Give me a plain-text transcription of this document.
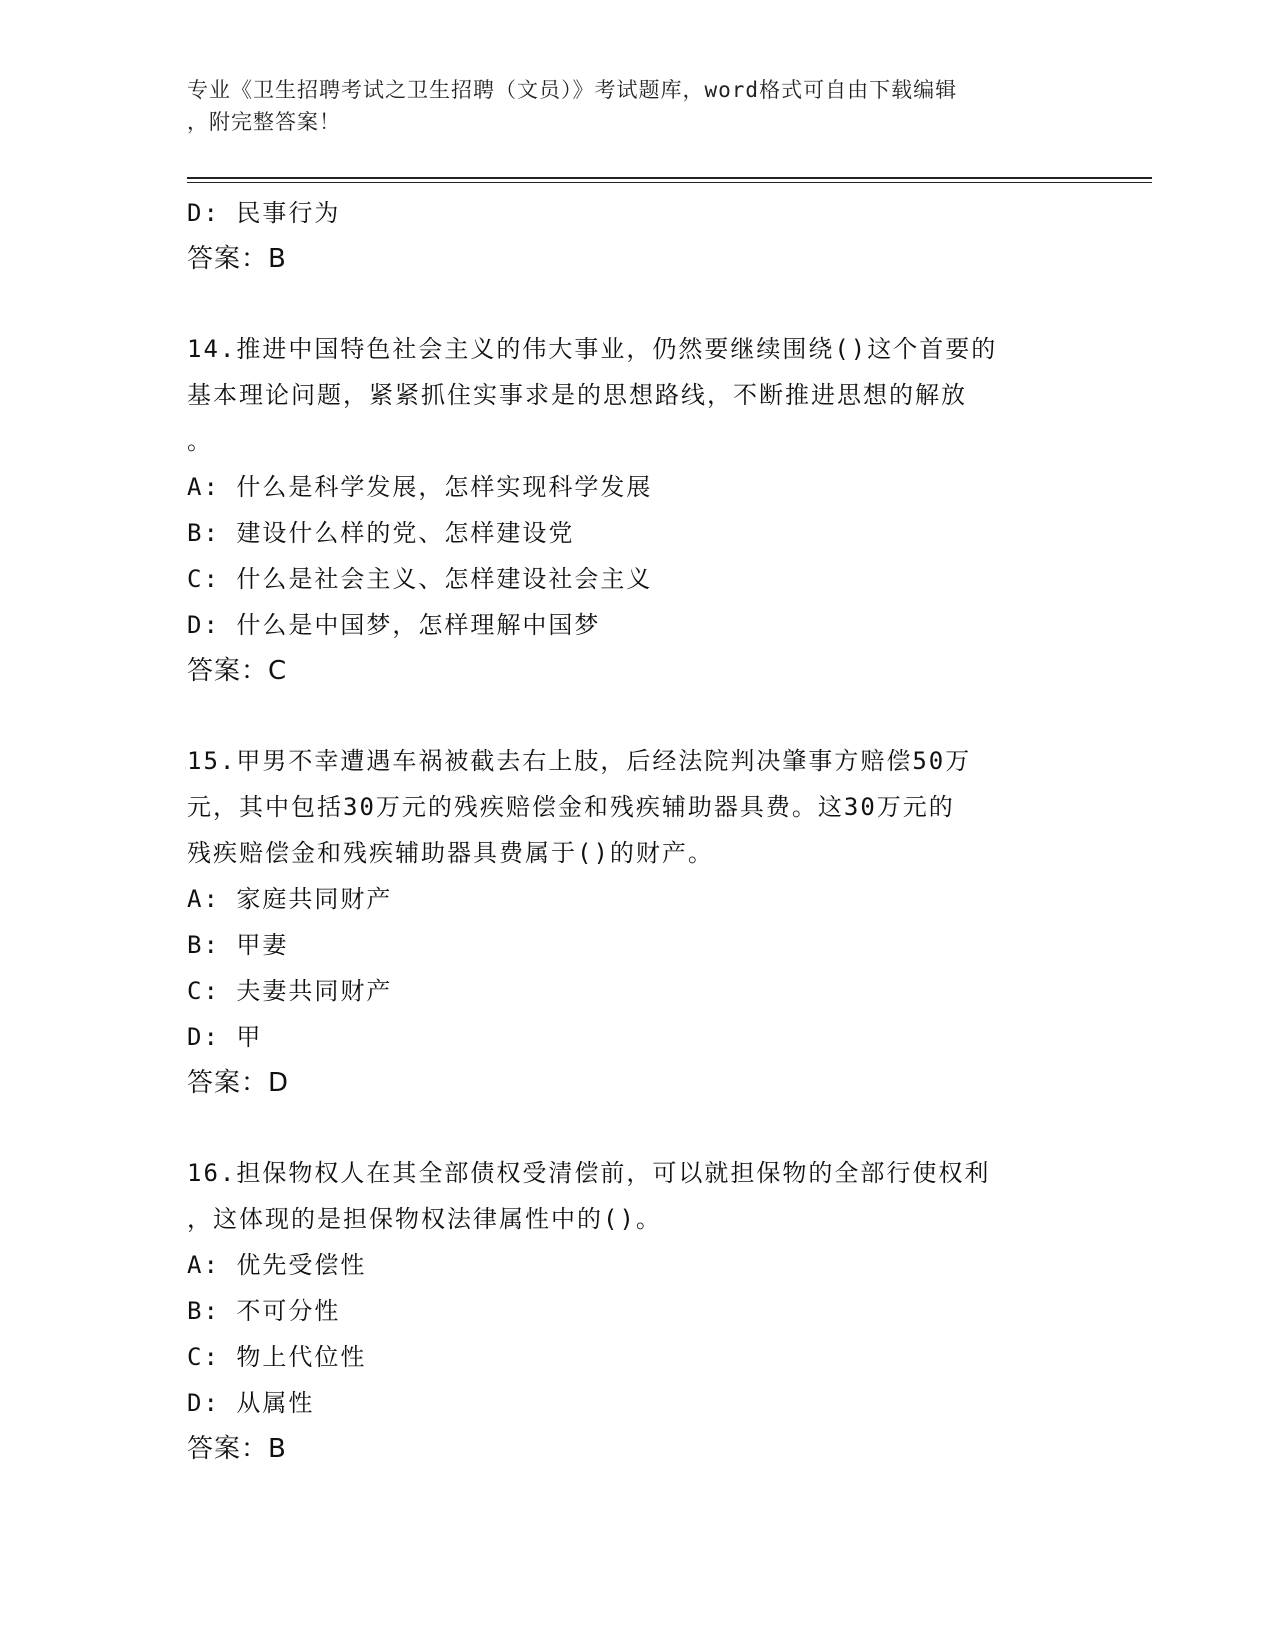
专业《卫生招聘考试之卫生招聘（文员）》考试题库，word格式可自由下载编辑
，附完整答案！
D: 民事行为
答案：B
14.推进中国特色社会主义的伟大事业，仍然要继续围绕()这个首要的
基本理论问题，紧紧抓住实事求是的思想路线，不断推进思想的解放
。
A: 什么是科学发展，怎样实现科学发展
B: 建设什么样的党、怎样建设党
C: 什么是社会主义、怎样建设社会主义
D: 什么是中国梦，怎样理解中国梦
答案：C
15.甲男不幸遭遇车祸被截去右上肢，后经法院判决肇事方赔偿50万
元，其中包括30万元的残疾赔偿金和残疾辅助器具费。这30万元的
残疾赔偿金和残疾辅助器具费属于()的财产。
A: 家庭共同财产
B: 甲妻
C: 夫妻共同财产
D: 甲
答案：D
16.担保物权人在其全部债权受清偿前，可以就担保物的全部行使权利
，这体现的是担保物权法律属性中的()。
A: 优先受偿性
B: 不可分性
C: 物上代位性
D: 从属性
答案：B
